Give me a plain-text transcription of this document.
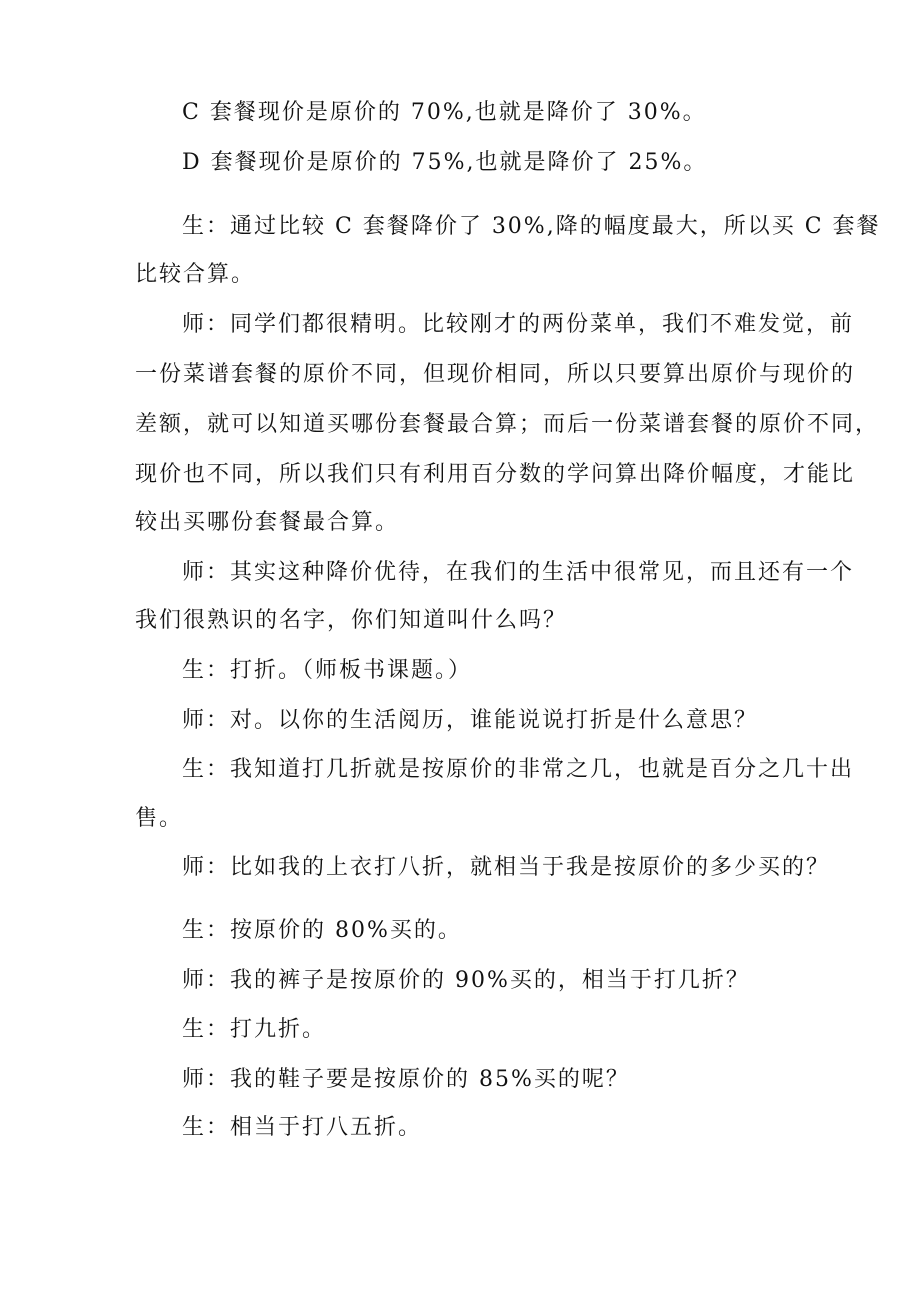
C 套餐现价是原价的 70%,也就是降价了 30%。
D 套餐现价是原价的 75%,也就是降价了 25%。
生：通过比较 C 套餐降价了 30%,降的幅度最大，所以买 C 套餐
比较合算。
师：同学们都很精明。比较刚才的两份菜单，我们不难发觉，前
一份菜谱套餐的原价不同，但现价相同，所以只要算出原价与现价的
差额，就可以知道买哪份套餐最合算；而后一份菜谱套餐的原价不同，
现价也不同，所以我们只有利用百分数的学问算出降价幅度，才能比
较出买哪份套餐最合算。
师：其实这种降价优待，在我们的生活中很常见，而且还有一个
我们很熟识的名字，你们知道叫什么吗？
生：打折。（师板书课题。）
师：对。以你的生活阅历，谁能说说打折是什么意思？
生：我知道打几折就是按原价的非常之几，也就是百分之几十出
售。
师：比如我的上衣打八折，就相当于我是按原价的多少买的？
生：按原价的 80%买的。
师：我的裤子是按原价的 90%买的，相当于打几折？
生：打九折。
师：我的鞋子要是按原价的 85%买的呢？
生：相当于打八五折。
